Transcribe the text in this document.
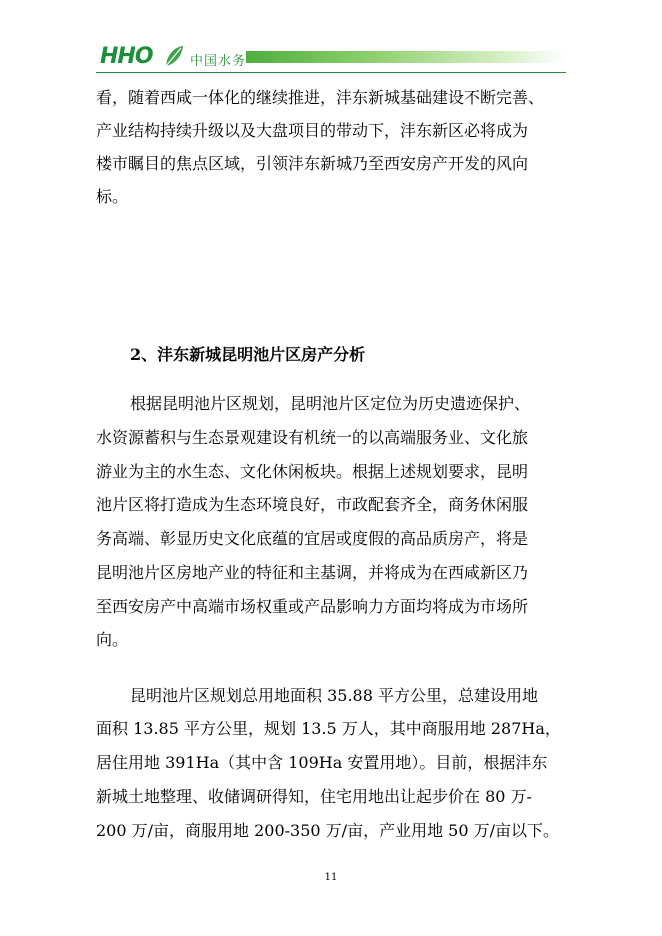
HHO	中国水务
看，随着西咸一体化的继续推进，沣东新城基础建设不断完善、
产业结构持续升级以及大盘项目的带动下，沣东新区必将成为
楼市瞩目的焦点区域，引领沣东新城乃至西安房产开发的风向
标。
2、沣东新城昆明池片区房产分析
根据昆明池片区规划，昆明池片区定位为历史遗迹保护、
水资源蓄积与生态景观建设有机统一的以高端服务业、文化旅
游业为主的水生态、文化休闲板块。根据上述规划要求，昆明
池片区将打造成为生态环境良好，市政配套齐全，商务休闲服
务高端、彰显历史文化底蕴的宜居或度假的高品质房产，将是
昆明池片区房地产业的特征和主基调，并将成为在西咸新区乃
至西安房产中高端市场权重或产品影响力方面均将成为市场所
向。
昆明池片区规划总用地面积 35.88 平方公里，总建设用地
面积 13.85 平方公里，规划 13.5 万人，其中商服用地 287Ha，
居住用地 391Ha（其中含 109Ha 安置用地）。目前，根据沣东
新城土地整理、收储调研得知，住宅用地出让起步价在 80 万-
200 万/亩，商服用地 200-350 万/亩，产业用地 50 万/亩以下。
11
